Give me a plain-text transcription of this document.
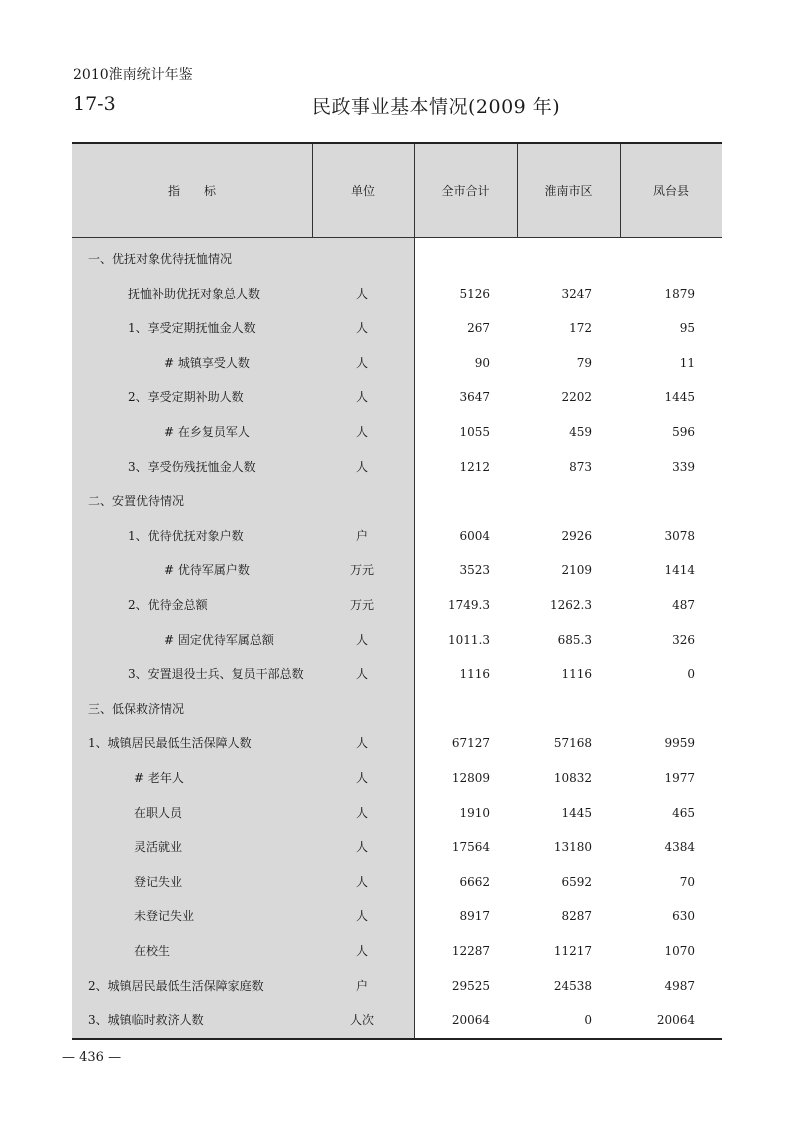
2010淮南统计年鉴
17-3	民政事业基本情况(2009 年)
指　　标	单位	全市合计	淮南市区	凤台县
一、优抚对象优待抚恤情况
抚恤补助优抚对象总人数	人	5126	3247	1879
1、享受定期抚恤金人数	人	267	172	95
# 城镇享受人数	人	90	79	11
2、享受定期补助人数	人	3647	2202	1445
# 在乡复员军人	人	1055	459	596
3、享受伤残抚恤金人数	人	1212	873	339
二、安置优待情况
1、优待优抚对象户数	户	6004	2926	3078
# 优待军属户数	万元	3523	2109	1414
2、优待金总额	万元	1749.3	1262.3	487
# 固定优待军属总额	人	1011.3	685.3	326
3、安置退役士兵、复员干部总数	人	1116	1116	0
三、低保救济情况
1、城镇居民最低生活保障人数	人	67127	57168	9959
# 老年人	人	12809	10832	1977
在职人员	人	1910	1445	465
灵活就业	人	17564	13180	4384
登记失业	人	6662	6592	70
未登记失业	人	8917	8287	630
在校生	人	12287	11217	1070
2、城镇居民最低生活保障家庭数	户	29525	24538	4987
3、城镇临时救济人数	人次	20064	0	20064
— 436 —
